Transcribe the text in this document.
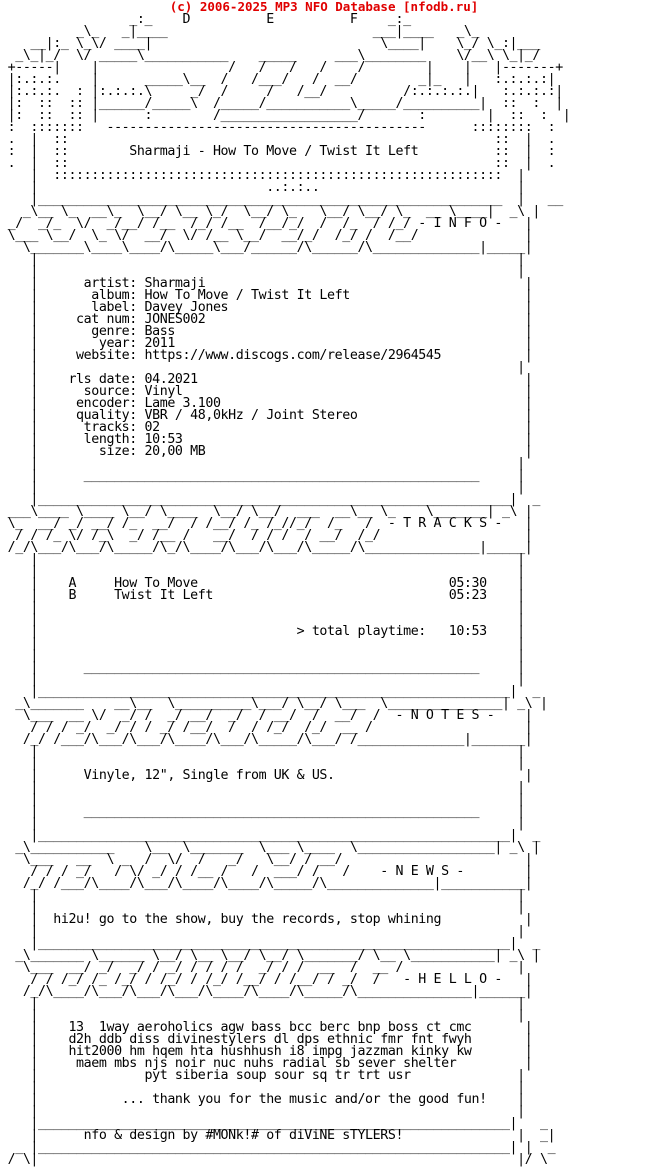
(c) 2006-2025 MP3 NFO Database [nfodb.ru]
_:_    D          E          F    _:_
_\_   _|____                           ___|____   _\_
__|:_ \_\/ ____|                              \____|    \_/ \_:|___
_\_|_/  \/ _____\___________    _____     ___\________    \/__\ \_|_/
+-----|    |                 /   /   /   /    /        |    |   |-------+
|:.:.:.    |      _____\__  /   /___/   /  __/        _|_   |   :.:.:.:|
|:.:.:.  : |:.:.:.\     _/  /     /   /__/          /:.:.:.:.|   :.:.:.:|
|:  ::  :: |______/_____\  /_____/___________\_____/__________|  ::  :  |
|:  ::  :: |      :        /__________________/       :        |  ::  :  |
:  :::::::   ------------------------------------------      ::::::::  :
.  |  ::                                                        ::  |  .
:  |  ::        Sharmaji - How To Move / Twist It Left          ::  |  :
.  |  ::                                                        ::  |  .
|  :::::::::::::::::::::::::::::::::::::::::::::::::::::::::::  |
|                              ..:.:..                          |
|_____________________________________________________________  |   __
_\__ \_  __\_  \__/ \__ \_/  \__/ \_   \__/ \__/ \_  __ \____|  _\ |
_/  _/_  \/  _/__/ /__  /_/ /__  /__/_/  /  /_  / /_/ - I N F O -   |
\___ \__/  \_ \/  __/  \/ /__ \__/  __/_/  /_/ /  /__/              |
\_______\____\____/\_____\___/______/\______/\______________|_____|
|                                                               |
|                                                               |
|      artist: Sharmaji                                          |
|       album: How To Move / Twist It Left                       |
|       label: Davey Jones                                       |
|     cat num: JONES002                                          |
|       genre: Bass                                              |
|        year: 2011                                              |
|     website: https://www.discogs.com/release/2964545           |
|                                                               |
|    rls date: 04.2021                                           |
|      source: Vinyl                                             |
|     encoder: Lame 3.100                                        |
|     quality: VBR / 48,0kHz / Joint Stereo                      |
|      tracks: 02                                                |
|      length: 10:53                                             |
|        size: 20,00 MB                                          |
|                                                               |
|      ____________________________________________________     |
|                                                               |
|______________________________________________________________|  _
___\____ \____ \__/ \____  \__/ \__/  ___  __\__ \_    \_______| _\ |
\_  __/ _/ __/ /_  __/  / /__/ /_ /_//_/  /_   /  - T R A C K S -   |
/ / /_ \/ /_\  _/ /__ /   __/  / / /  / __/  /_/                   |
/_/\___/\___/\_____/\_/\____/\___/\___/\_____/\_______________|_____|
|                                                               |
|                                                               |
|    A     How To Move                                 05:30    |
|    B     Twist It Left                               05:23    |
|                                                               |
|                                                               |
|                                  > total playtime:   10:53    |
|                                                               |
|                                                               |
|      ____________________________________________________     |
|                                                               |
|______________________________________________________________|  _
_\_______    __\__  \__________\___/ \__/ \___  \_______________| _\ |
\___  __ \/  _/ /  _/ __/  _/  / __/  /  __/  /  - N O T E S -    |
/ / / _/  _/ / / _/ /__/  /  / /_/  /_/  __ /                    |
/_/ /___/\___/\___/\____/\___/\_____/\___/ /______________|_______|
|                                                               |
|                                                               |
|      Vinyle, 12", Single from UK & US.                         |
|                                                               |
|                                                               |
|      ____________________________________________________     |
|                                                               |
|______________________________________________________________|  _
_\___________    \__  \_______  \___ \____  \__________________| _\ |
\___   __  \ _  /  \/  /   _/   \__/ / __/                        |
/ / / _/   / \/ _/ / /__ /   /  ___/ /   /    - N E W S -        |
/_/ /___/\____/\___/\____/\____/\_____/\______________|___________|
|                                                               |
|                                                               |
|  hi2u! go to the show, buy the records, stop whining           |
|                                                               |
|______________________________________________________________|  _
_\_______ \______ \__/ \__ \__/ \__/ \_______/ \__ \___________| _\ |
\___  __/ _/  _/ / _/ / / / /  _/ / /  __  /  __ /               |
/ / /_/ /_ /_/ / /_/ / /_/ /__/ / /__/ / _/  /   - H E L L O -   |
/_/\____/\___/\___/\___/\____/\____/\_____/\_______________|______|
|                                                               |
|                                                               |
|    13  1way aeroholics agw bass bcc berc bnp boss ct cmc       |
|    d2h ddb diss divinestylers dl dps ethnic fmr fnt fwyh       |
|    hit2000 hm hqem hta hushhush i8 impg jazzman kinky kw       |
|     maem mbs njs noir nuc nuhs radial sb sever shelter         |
|              pyt siberia soup sour sq tr trt usr              |
|                                                               |
|           ... thank you for the music and/or the good fun!    |
|                                                               |
|______________________________________________________________|   _
|      nfo & design by #MONk!# of diViNE sTYLERS!               |  _|
_ |______________________________________________________________| |  _
/ \|                                                               |/ \
